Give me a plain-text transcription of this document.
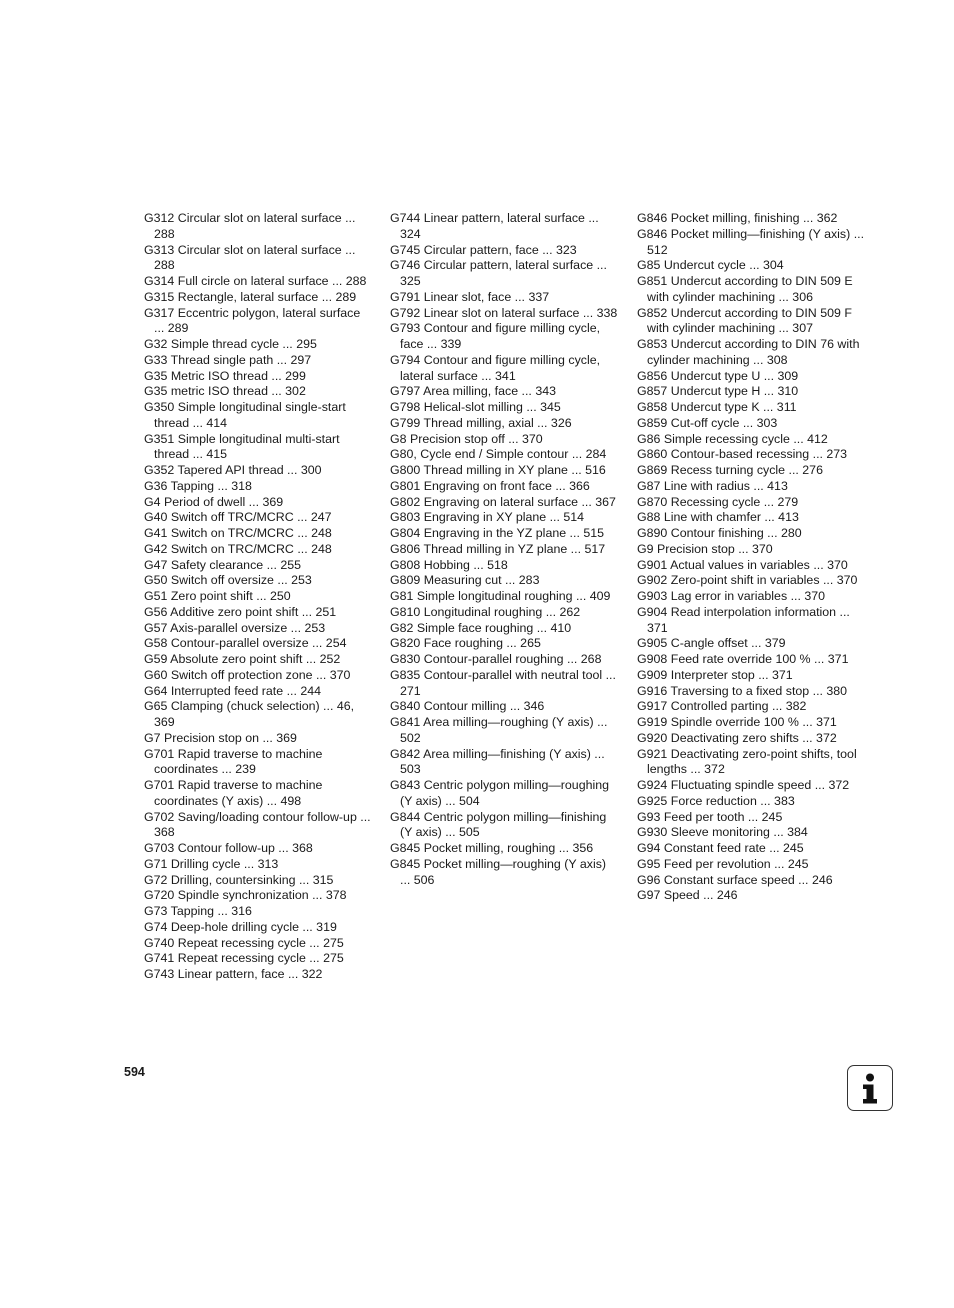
G312 Circular slot on lateral surface ... 288
G313 Circular slot on lateral surface ... 288
G314 Full circle on lateral surface ... 288
G315 Rectangle, lateral surface ... 289
G317 Eccentric polygon, lateral surface ... 289
G32 Simple thread cycle ... 295
G33 Thread single path ... 297
G35 Metric ISO thread ... 299
G35 metric ISO thread ... 302
G350 Simple longitudinal single-start thread ... 414
G351 Simple longitudinal multi-start thread ... 415
G352 Tapered API thread ... 300
G36 Tapping ... 318
G4 Period of dwell ... 369
G40 Switch off TRC/MCRC ... 247
G41 Switch on TRC/MCRC ... 248
G42 Switch on TRC/MCRC ... 248
G47 Safety clearance ... 255
G50 Switch off oversize ... 253
G51 Zero point shift ... 250
G56 Additive zero point shift ... 251
G57 Axis-parallel oversize ... 253
G58 Contour-parallel oversize ... 254
G59 Absolute zero point shift ... 252
G60 Switch off protection zone ... 370
G64 Interrupted feed rate ... 244
G65 Clamping (chuck selection) ... 46, 369
G7 Precision stop on ... 369
G701 Rapid traverse to machine coordinates ... 239
G701 Rapid traverse to machine coordinates (Y axis) ... 498
G702 Saving/loading contour follow-up ... 368
G703 Contour follow-up ... 368
G71 Drilling cycle ... 313
G72 Drilling, countersinking ... 315
G720 Spindle synchronization ... 378
G73 Tapping ... 316
G74 Deep-hole drilling cycle ... 319
G740 Repeat recessing cycle ... 275
G741 Repeat recessing cycle ... 275
G743 Linear pattern, face ... 322
G744 Linear pattern, lateral surface ... 324
G745 Circular pattern, face ... 323
G746 Circular pattern, lateral surface ... 325
G791 Linear slot, face ... 337
G792 Linear slot on lateral surface ... 338
G793 Contour and figure milling cycle, face ... 339
G794 Contour and figure milling cycle, lateral surface ... 341
G797 Area milling, face ... 343
G798 Helical-slot milling ... 345
G799 Thread milling, axial ... 326
G8 Precision stop off ... 370
G80, Cycle end / Simple contour ... 284
G800 Thread milling in XY plane ... 516
G801 Engraving on front face ... 366
G802 Engraving on lateral surface ... 367
G803 Engraving in XY plane ... 514
G804 Engraving in the YZ plane ... 515
G806 Thread milling in YZ plane ... 517
G808 Hobbing ... 518
G809 Measuring cut ... 283
G81 Simple longitudinal roughing ... 409
G810 Longitudinal roughing ... 262
G82 Simple face roughing ... 410
G820 Face roughing ... 265
G830 Contour-parallel roughing ... 268
G835 Contour-parallel with neutral tool ... 271
G840 Contour milling ... 346
G841 Area milling—roughing (Y axis) ... 502
G842 Area milling—finishing (Y axis) ... 503
G843 Centric polygon milling—roughing (Y axis) ... 504
G844 Centric polygon milling—finishing (Y axis) ... 505
G845 Pocket milling, roughing ... 356
G845 Pocket milling—roughing (Y axis) ... 506
G846 Pocket milling, finishing ... 362
G846 Pocket milling—finishing (Y axis) ... 512
G85 Undercut cycle ... 304
G851 Undercut according to DIN 509 E with cylinder machining ... 306
G852 Undercut according to DIN 509 F with cylinder machining ... 307
G853 Undercut according to DIN 76 with cylinder machining ... 308
G856 Undercut type U ... 309
G857 Undercut type H ... 310
G858 Undercut type K ... 311
G859 Cut-off cycle ... 303
G86 Simple recessing cycle ... 412
G860 Contour-based recessing ... 273
G869 Recess turning cycle ... 276
G87 Line with radius ... 413
G870 Recessing cycle ... 279
G88 Line with chamfer ... 413
G890 Contour finishing ... 280
G9 Precision stop ... 370
G901 Actual values in variables ... 370
G902 Zero-point shift in variables ... 370
G903 Lag error in variables ... 370
G904 Read interpolation information ... 371
G905 C-angle offset ... 379
G908 Feed rate override 100 % ... 371
G909 Interpreter stop ... 371
G916 Traversing to a fixed stop ... 380
G917 Controlled parting ... 382
G919 Spindle override 100 % ... 371
G920 Deactivating zero shifts ... 372
G921 Deactivating zero-point shifts, tool lengths ... 372
G924 Fluctuating spindle speed ... 372
G925 Force reduction ... 383
G93 Feed per tooth ... 245
G930 Sleeve monitoring ... 384
G94 Constant feed rate ... 245
G95 Feed per revolution ... 245
G96 Constant surface speed ... 246
G97 Speed ... 246
594
